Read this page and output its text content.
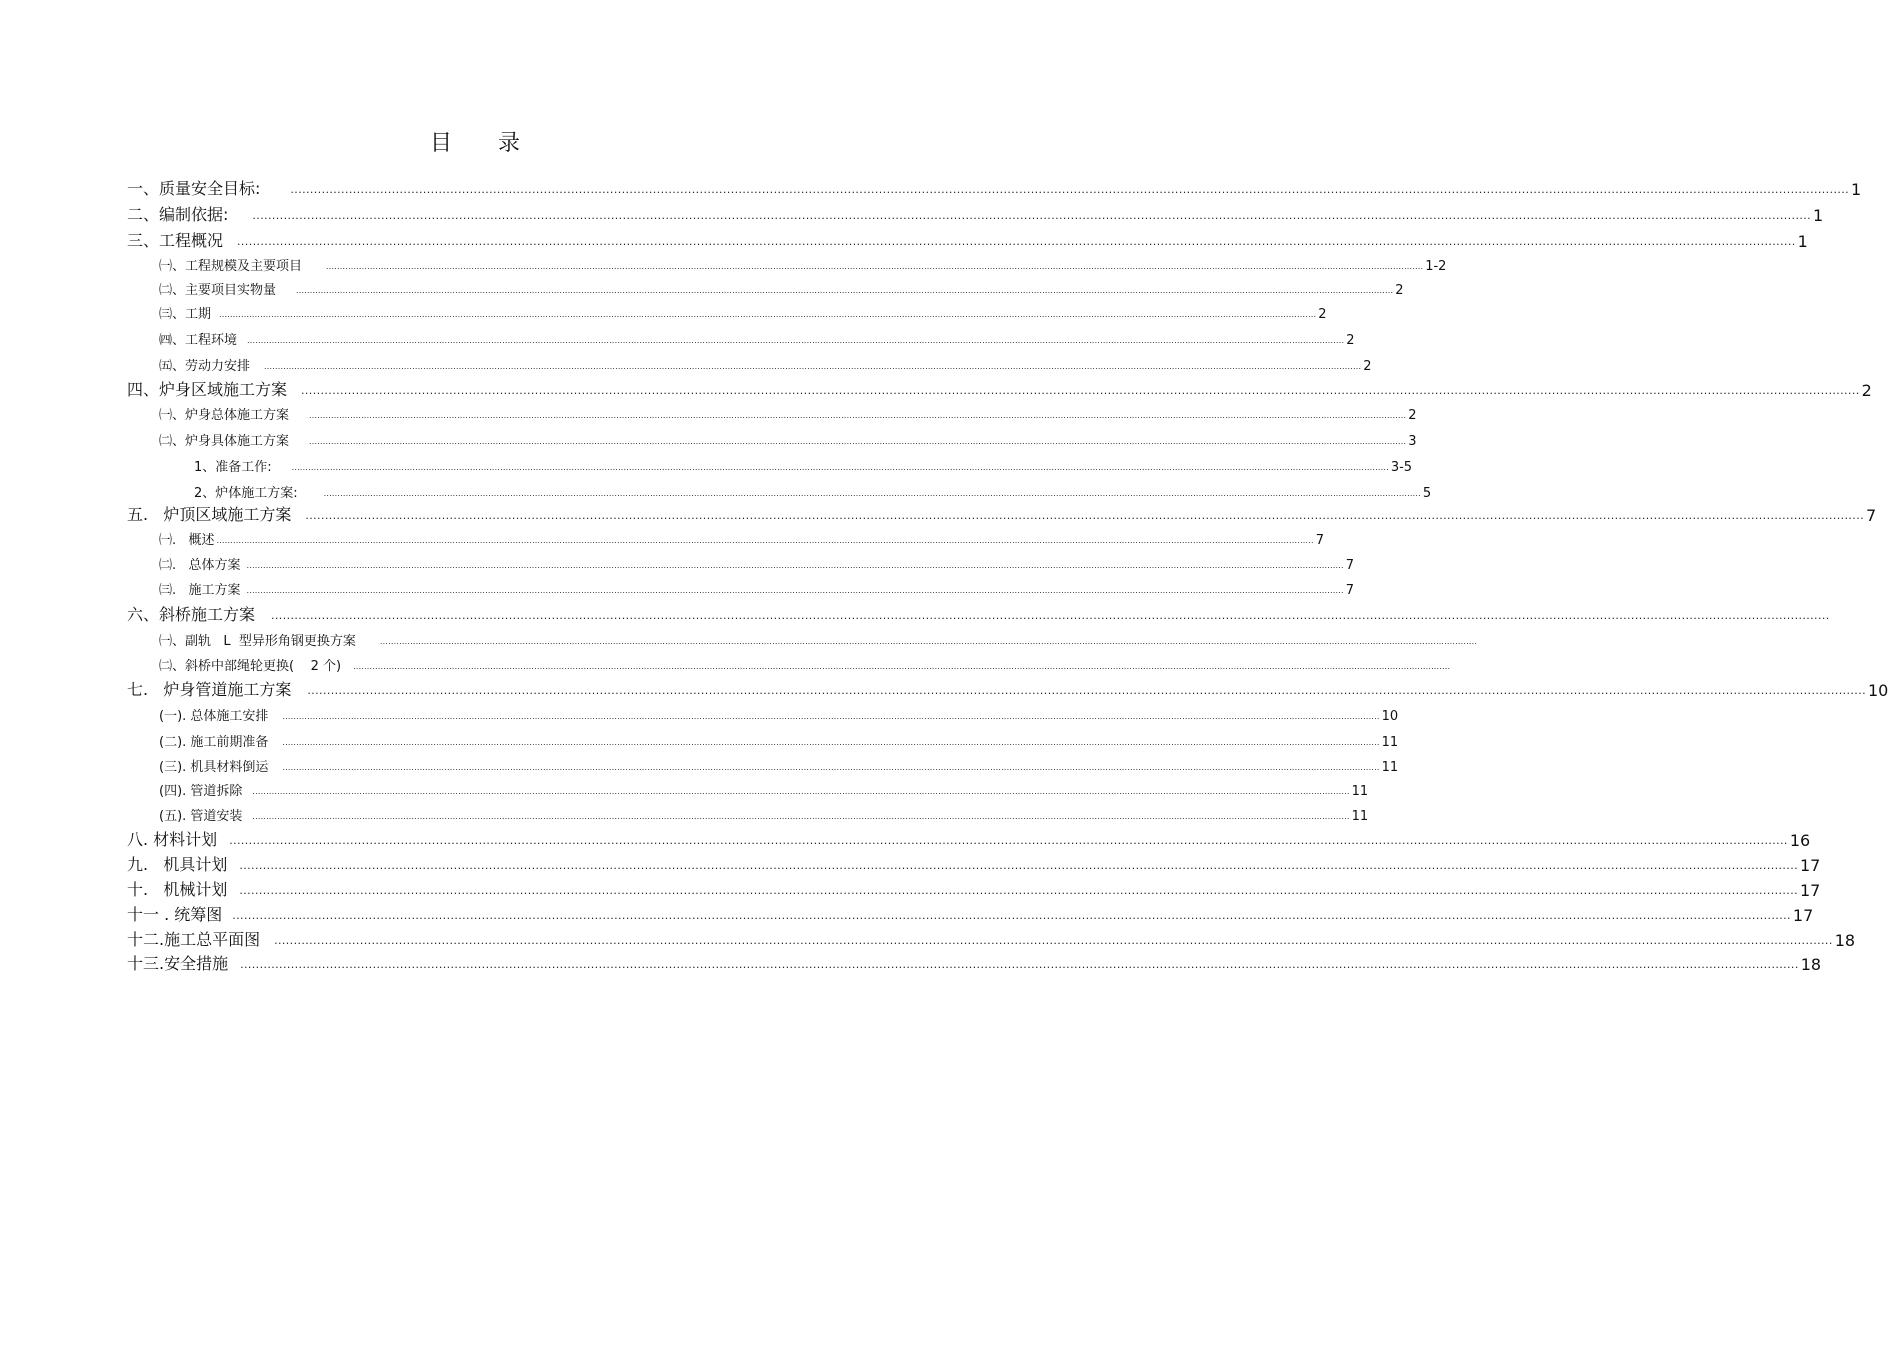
目 录
一、质量安全目标:	................................................................................................................................................................................................................................................................................................................................................................................................................ 1
二、编制依据: ................................................................................................................................................................................................................................................................................................................................................................................................................ 1
三、工程概况 ................................................................................................................................................................................................................................................................................................................................................................................................................ 1
㈠、工程规模及主要项目	................................................................................................................................................................................................................................................................................................................................................................................................................ 1-2
㈡、主要项目实物量	................................................................................................................................................................................................................................................................................................................................................................................................................ 2
㈢、工期 ................................................................................................................................................................................................................................................................................................................................................................................................................ 2
㈣、工程环境 ................................................................................................................................................................................................................................................................................................................................................................................................................ 2
㈤、劳动力安排 ................................................................................................................................................................................................................................................................................................................................................................................................................ 2
四、炉身区域施工方案 ................................................................................................................................................................................................................................................................................................................................................................................................................ 2
㈠、炉身总体施工方案	................................................................................................................................................................................................................................................................................................................................................................................................................ 2
㈡、炉身具体施工方案	................................................................................................................................................................................................................................................................................................................................................................................................................ 3
1、准备工作:	................................................................................................................................................................................................................................................................................................................................................................................................................ 3-5
2、炉体施工方案:	................................................................................................................................................................................................................................................................................................................................................................................................................ 5
五.   炉顶区域施工方案 ................................................................................................................................................................................................................................................................................................................................................................................................................ 7
㈠.   概述 ................................................................................................................................................................................................................................................................................................................................................................................................................ 7
㈡.   总体方案 ................................................................................................................................................................................................................................................................................................................................................................................................................ 7
㈢.   施工方案 ................................................................................................................................................................................................................................................................................................................................................................................................................ 7
六、斜桥施工方案 ................................................................................................................................................................................................................................................................................................................................................................................................................
㈠、副轨   L  型异形角钢更换方案	................................................................................................................................................................................................................................................................................................................................................................................................................
㈡、斜桥中部绳轮更换(    2 个) ................................................................................................................................................................................................................................................................................................................................................................................................................
七.   炉身管道施工方案 ................................................................................................................................................................................................................................................................................................................................................................................................................ 10
(一). 总体施工安排 ................................................................................................................................................................................................................................................................................................................................................................................................................ 10
(二). 施工前期准备 ................................................................................................................................................................................................................................................................................................................................................................................................................ 11
(三). 机具材料倒运 ................................................................................................................................................................................................................................................................................................................................................................................................................ 11
(四). 管道拆除 ................................................................................................................................................................................................................................................................................................................................................................................................................ 11
(五). 管道安装 ................................................................................................................................................................................................................................................................................................................................................................................................................ 11
八. 材料计划 ................................................................................................................................................................................................................................................................................................................................................................................................................ 16
九.   机具计划 ................................................................................................................................................................................................................................................................................................................................................................................................................ 17
十.   机械计划 ................................................................................................................................................................................................................................................................................................................................................................................................................ 17
十一 . 统筹图 ................................................................................................................................................................................................................................................................................................................................................................................................................ 17
十二.施工总平面图 ................................................................................................................................................................................................................................................................................................................................................................................................................ 18
十三.安全措施 ................................................................................................................................................................................................................................................................................................................................................................................................................ 18
